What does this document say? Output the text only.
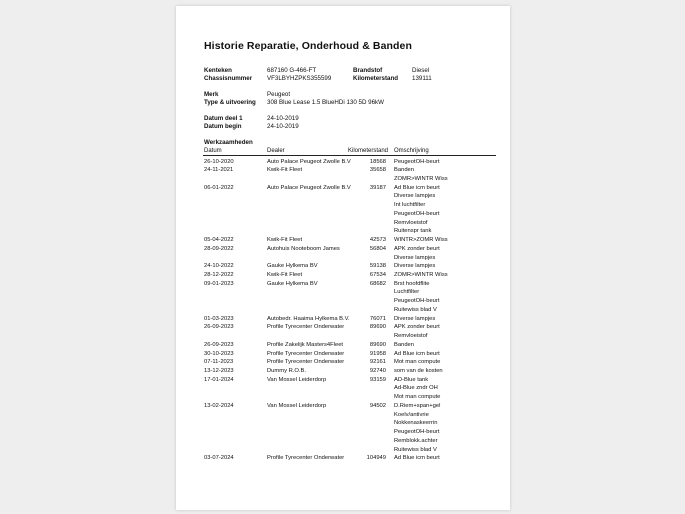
Historie Reparatie, Onderhoud & Banden
Kenteken	687160 G-466-FT
Chassisnummer VF3LBYHZPKS355599
Brandstof	Diesel
Kilometerstand 139111
Merk	Peugeot
Type & uitvoering 308 Blue Lease 1.5 BlueHDi 130 5D 96kW
Datum deel 1	24-10-2019
Datum begin	24-10-2019
Werkzaamheden
Datum	Dealer	Kilometerstand Omschrijving
26-10-2020	Auto Palace Peugeot Zwolle B.V	18568 PeugeotOH-beurt
24-11-2021	Kwik-Fit Fleet	35658 Banden
ZOMR>WINTR Wiss
06-01-2022	Auto Palace Peugeot Zwolle B.V	39187 Ad Blue icm beurt
Diverse lampjes
Int luchtfilter
PeugeotOH-beurt
Remvloeistof
Ruitenspr tank
05-04-2022	Kwik-Fit Fleet	42573 WINTR>ZOMR Wiss
28-09-2022	Autohuis Nooteboom James	56804 APK zonder beurt
Diverse lampjes
24-10-2022	Gauke Hylkema BV	59138 Diverse lampjes
28-12-2022	Kwik-Fit Fleet	67534 ZOMR>WINTR Wiss
09-01-2023	Gauke Hylkema BV	68682 Brst hoofdflite
Luchtfilter
PeugeotOH-beurt
Ruitewiss blad V
01-03-2023	Autobedr. Haaima Hylkema B.V.	76071 Diverse lampjes
26-09-2023	Profile Tyrecenter Onderwater	89690 APK zonder beurt
Remvloeistof
26-09-2023	Profile Zakelijk Masters4Fleet	89690 Banden
30-10-2023	Profile Tyrecenter Onderwater	91958 Ad Blue icm beurt
07-11-2023	Profile Tyrecenter Onderwater	92161 Mot man compute
13-12-2023	Dummy R.O.B.	92740 som van de kosten
17-01-2024	Van Mossel Leiderdorp	93159 AD-Blue tank
Ad-Blue zndr OH
Mot man compute
13-02-2024	Van Mossel Leiderdorp	94502 D.Riem+span+gel
Koelv/antivrie
Nokkenaskeerrin
PeugeotOH-beurt
Remblokk.achter
Ruitewiss blad V
03-07-2024	Profile Tyrecenter Onderwater	104949 Ad Blue icm beurt
